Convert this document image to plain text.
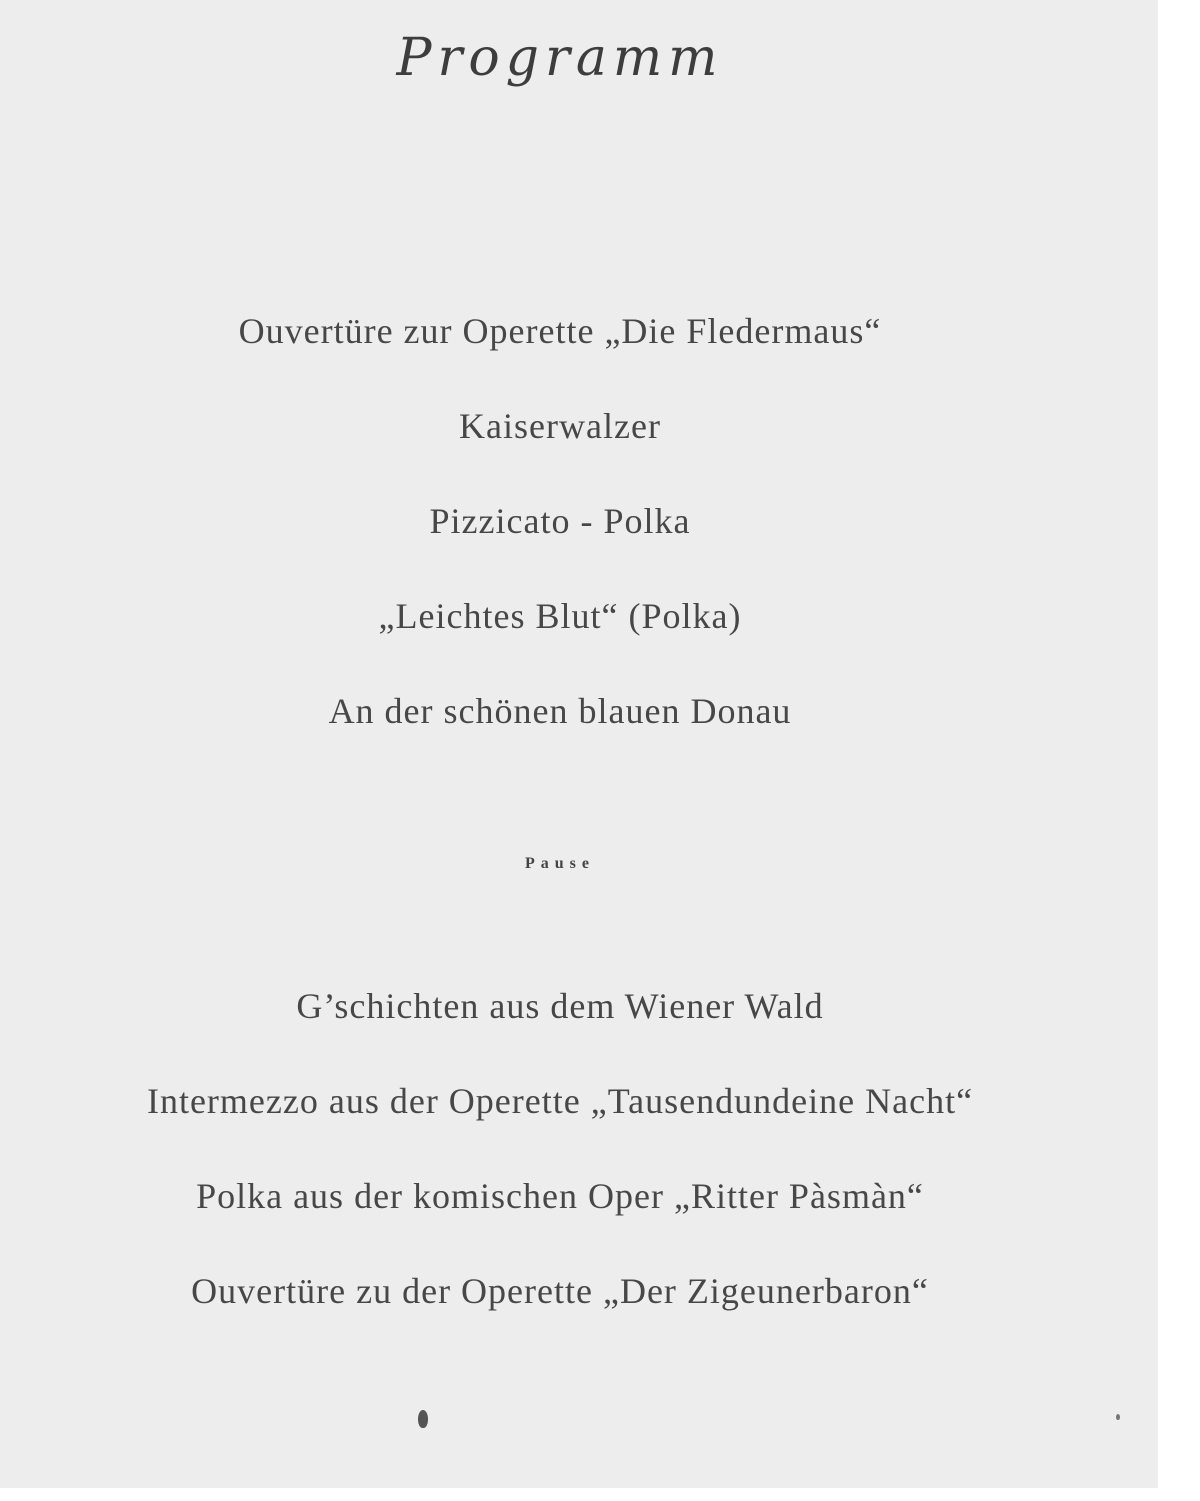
Programm
Ouvertüre zur Operette „Die Fledermaus“
Kaiserwalzer
Pizzicato - Polka
„Leichtes Blut“ (Polka)
An der schönen blauen Donau
Pause
G’schichten aus dem Wiener Wald
Intermezzo aus der Operette „Tausendundeine Nacht“
Polka aus der komischen Oper „Ritter Pàsmàn“
Ouvertüre zu der Operette „Der Zigeunerbaron“
